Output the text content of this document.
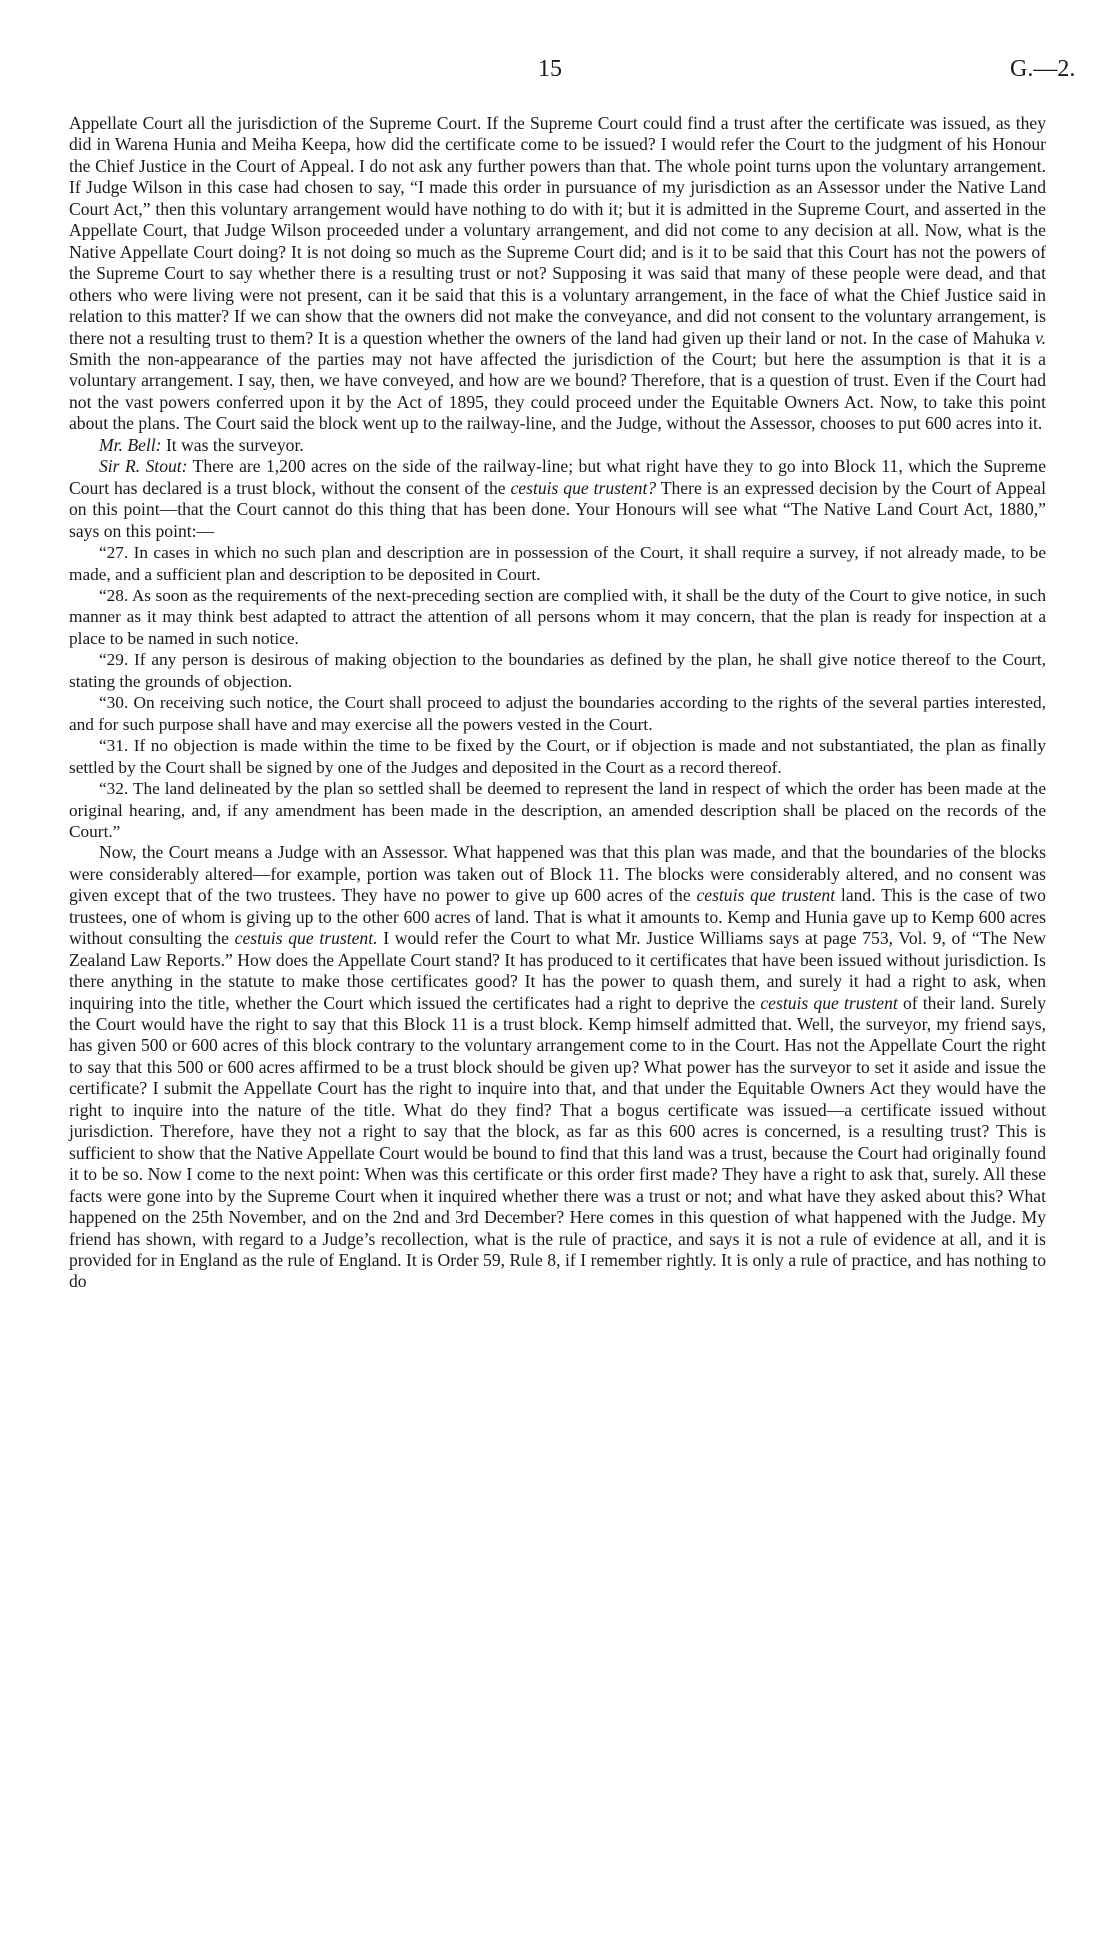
15	G.—2.

Appellate Court all the jurisdiction of the Supreme Court. If the Supreme Court could find a trust after the certificate was issued, as they did in Warena Hunia and Meiha Keepa, how did the certificate come to be issued? I would refer the Court to the judgment of his Honour the Chief Justice in the Court of Appeal. I do not ask any further powers than that. The whole point turns upon the voluntary arrangement. If Judge Wilson in this case had chosen to say, “I made this order in pursuance of my jurisdiction as an Assessor under the Native Land Court Act,” then this voluntary arrangement would have nothing to do with it; but it is admitted in the Supreme Court, and asserted in the Appellate Court, that Judge Wilson proceeded under a voluntary arrangement, and did not come to any decision at all. Now, what is the Native Appellate Court doing? It is not doing so much as the Supreme Court did; and is it to be said that this Court has not the powers of the Supreme Court to say whether there is a resulting trust or not? Supposing it was said that many of these people were dead, and that others who were living were not present, can it be said that this is a voluntary arrangement, in the face of what the Chief Justice said in relation to this matter? If we can show that the owners did not make the conveyance, and did not consent to the voluntary arrangement, is there not a resulting trust to them? It is a question whether the owners of the land had given up their land or not. In the case of Mahuka v. Smith the non-appearance of the parties may not have affected the jurisdiction of the Court; but here the assumption is that it is a voluntary arrangement. I say, then, we have conveyed, and how are we bound? Therefore, that is a question of trust. Even if the Court had not the vast powers conferred upon it by the Act of 1895, they could proceed under the Equitable Owners Act. Now, to take this point about the plans. The Court said the block went up to the railway-line, and the Judge, without the Assessor, chooses to put 600 acres into it.

Mr. Bell: It was the surveyor.

Sir R. Stout: There are 1,200 acres on the side of the railway-line; but what right have they to go into Block 11, which the Supreme Court has declared is a trust block, without the consent of the cestuis que trustent? There is an expressed decision by the Court of Appeal on this point—that the Court cannot do this thing that has been done. Your Honours will see what “The Native Land Court Act, 1880,” says on this point:—

“27. In cases in which no such plan and description are in possession of the Court, it shall require a survey, if not already made, to be made, and a sufficient plan and description to be deposited in Court.

“28. As soon as the requirements of the next-preceding section are complied with, it shall be the duty of the Court to give notice, in such manner as it may think best adapted to attract the attention of all persons whom it may concern, that the plan is ready for inspection at a place to be named in such notice.

“29. If any person is desirous of making objection to the boundaries as defined by the plan, he shall give notice thereof to the Court, stating the grounds of objection.

“30. On receiving such notice, the Court shall proceed to adjust the boundaries according to the rights of the several parties interested, and for such purpose shall have and may exercise all the powers vested in the Court.

“31. If no objection is made within the time to be fixed by the Court, or if objection is made and not substantiated, the plan as finally settled by the Court shall be signed by one of the Judges and deposited in the Court as a record thereof.

“32. The land delineated by the plan so settled shall be deemed to represent the land in respect of which the order has been made at the original hearing, and, if any amendment has been made in the description, an amended description shall be placed on the records of the Court.”

Now, the Court means a Judge with an Assessor. What happened was that this plan was made, and that the boundaries of the blocks were considerably altered—for example, portion was taken out of Block 11. The blocks were considerably altered, and no consent was given except that of the two trustees. They have no power to give up 600 acres of the cestuis que trustent land. This is the case of two trustees, one of whom is giving up to the other 600 acres of land. That is what it amounts to. Kemp and Hunia gave up to Kemp 600 acres without consulting the cestuis que trustent. I would refer the Court to what Mr. Justice Williams says at page 753, Vol. 9, of “The New Zealand Law Reports.” How does the Appellate Court stand? It has produced to it certificates that have been issued without jurisdiction. Is there anything in the statute to make those certificates good? It has the power to quash them, and surely it had a right to ask, when inquiring into the title, whether the Court which issued the certificates had a right to deprive the cestuis que trustent of their land. Surely the Court would have the right to say that this Block 11 is a trust block. Kemp himself admitted that. Well, the surveyor, my friend says, has given 500 or 600 acres of this block contrary to the voluntary arrangement come to in the Court. Has not the Appellate Court the right to say that this 500 or 600 acres affirmed to be a trust block should be given up? What power has the surveyor to set it aside and issue the certificate? I submit the Appellate Court has the right to inquire into that, and that under the Equitable Owners Act they would have the right to inquire into the nature of the title. What do they find? That a bogus certificate was issued—a certificate issued without jurisdiction. Therefore, have they not a right to say that the block, as far as this 600 acres is concerned, is a resulting trust? This is sufficient to show that the Native Appellate Court would be bound to find that this land was a trust, because the Court had originally found it to be so. Now I come to the next point: When was this certificate or this order first made? They have a right to ask that, surely. All these facts were gone into by the Supreme Court when it inquired whether there was a trust or not; and what have they asked about this? What happened on the 25th November, and on the 2nd and 3rd December? Here comes in this question of what happened with the Judge. My friend has shown, with regard to a Judge’s recollection, what is the rule of practice, and says it is not a rule of evidence at all, and it is provided for in England as the rule of England. It is Order 59, Rule 8, if I remember rightly. It is only a rule of practice, and has nothing to do
